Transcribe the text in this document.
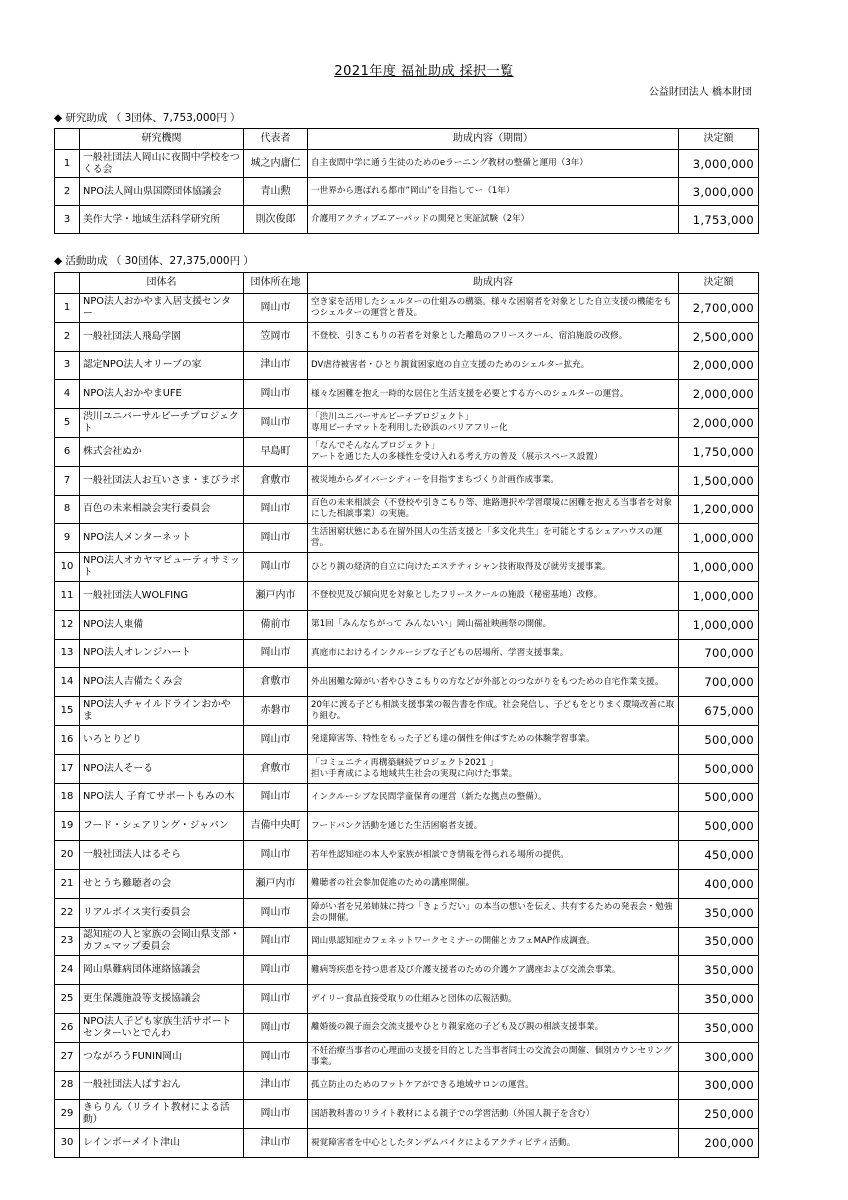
2021年度 福祉助成 採択一覧
公益財団法人 橋本財団
◆ 研究助成 （ 3団体、7,753,000円 ）
	研究機関	代表者	助成内容（期間）	決定額
1	一般社団法人岡山に夜間中学校をつくる会	城之内庸仁	自主夜間中学に通う生徒のためのeラーニング教材の整備と運用（3年）	3,000,000
2	NPO法人岡山県国際団体協議会	青山勲	一世界から選ばれる都市”岡山”を目指してー（1年）	3,000,000
3	美作大学・地域生活科学研究所	則次俊郎	介護用アクティブエアーパッドの開発と実証試験（2年）	1,753,000
◆ 活動助成 （ 30団体、27,375,000円 ）
	団体名	団体所在地	助成内容	決定額
1	NPO法人おかやま入居支援センター	岡山市	空き家を活用したシェルターの仕組みの構築。様々な困窮者を対象とした自立支援の機能をもつシェルターの運営と普及。	2,700,000
2	一般社団法人飛島学園	笠岡市	不登校、引きこもりの若者を対象とした離島のフリースクール、宿泊施設の改修。	2,500,000
3	認定NPO法人オリーブの家	津山市	DV虐待被害者・ひとり親貧困家庭の自立支援のためのシェルター拡充。	2,000,000
4	NPO法人おかやまUFE	岡山市	様々な困難を抱え一時的な居住と生活支援を必要とする方へのシェルターの運営。	2,000,000
5	渋川ユニバーサルビーチプロジェクト	岡山市	「渋川ユニバーサルビーチプロジェクト」
専用ビーチマットを利用した砂浜のバリアフリー化	2,000,000
6	株式会社ぬか	早島町	「なんでそんなんプロジェクト」
アートを通じた人の多様性を受け入れる考え方の普及（展示スペース設置）	1,750,000
7	一般社団法人お互いさま・まびラボ	倉敷市	被災地からダイバーシティーを目指すまちづくり計画作成事業。	1,500,000
8	百色の未来相談会実行委員会	岡山市	百色の未来相談会（不登校や引きこもり等、進路選択や学習環境に困難を抱える当事者を対象にした相談事業）の実施。	1,200,000
9	NPO法人メンターネット	岡山市	生活困窮状態にある在留外国人の生活支援と「多文化共生」を可能とするシェアハウスの運営。	1,000,000
10	NPO法人オカヤマビューティサミット	岡山市	ひとり親の経済的自立に向けたエステティシャン技術取得及び就労支援事業。	1,000,000
11	一般社団法人WOLFING	瀬戸内市	不登校児及び傾向児を対象としたフリースクールの施設（秘密基地）改修。	1,000,000
12	NPO法人東備	備前市	第1回「みんなちがって みんないい」岡山福祉映画祭の開催。	1,000,000
13	NPO法人オレンジハート	岡山市	真庭市におけるインクルーシブな子どもの居場所、学習支援事業。	700,000
14	NPO法人吉備たくみ会	倉敷市	外出困難な障がい者やひきこもりの方などが外部とのつながりをもつための自宅作業支援。	700,000
15	NPO法人チャイルドラインおかやま	赤磐市	20年に渡る子ども相談支援事業の報告書を作成。社会発信し、子どもをとりまく環境改善に取り組む。	675,000
16	いろとりどり	岡山市	発達障害等、特性をもった子ども達の個性を伸ばすための体験学習事業。	500,000
17	NPO法人そーる	倉敷市	「コミュニティ再構築継続プロジェクト2021 」
担い手育成による地域共生社会の実現に向けた事業。	500,000
18	NPO法人 子育てサポートもみの木	岡山市	インクルーシブな民間学童保育の運営（新たな拠点の整備）。	500,000
19	フード・シェアリング・ジャパン	吉備中央町	フードバンク活動を通じた生活困窮者支援。	500,000
20	一般社団法人はるそら	岡山市	若年性認知症の本人や家族が相談でき情報を得られる場所の提供。	450,000
21	せとうち難聴者の会	瀬戸内市	難聴者の社会参加促進のための講座開催。	400,000
22	リアルボイス実行委員会	岡山市	障がい者を兄弟姉妹に持つ「きょうだい」の本当の想いを伝え、共有するための発表会・勉強会の開催。	350,000
23	認知症の人と家族の会岡山県支部・カフェマップ委員会	岡山市	岡山県認知症カフェネットワークセミナーの開催とカフェMAP作成調査。	350,000
24	岡山県難病団体連絡協議会	岡山市	難病等疾患を持つ患者及び介護支援者のための介護ケア講座および交流会事業。	350,000
25	更生保護施設等支援協議会	岡山市	デイリー食品直接受取りの仕組みと団体の広報活動。	350,000
26	NPO法人子ども家族生活サポートセンターいとでんわ	岡山市	離婚後の親子面会交流支援やひとり親家庭の子ども及び親の相談支援事業。	350,000
27	つながろうFUNIN岡山	岡山市	不妊治療当事者の心理面の支援を目的とした当事者同士の交流会の開催、個別カウンセリング事業。	300,000
28	一般社団法人ぱすおん	津山市	孤立防止のためのフットケアができる地域サロンの運営。	300,000
29	きらりん（リライト教材による活動）	岡山市	国語教科書のリライト教材による親子での学習活動（外国人親子を含む）	250,000
30	レインボーメイト津山	津山市	視覚障害者を中心としたタンデムバイクによるアクティビティ活動。	200,000
